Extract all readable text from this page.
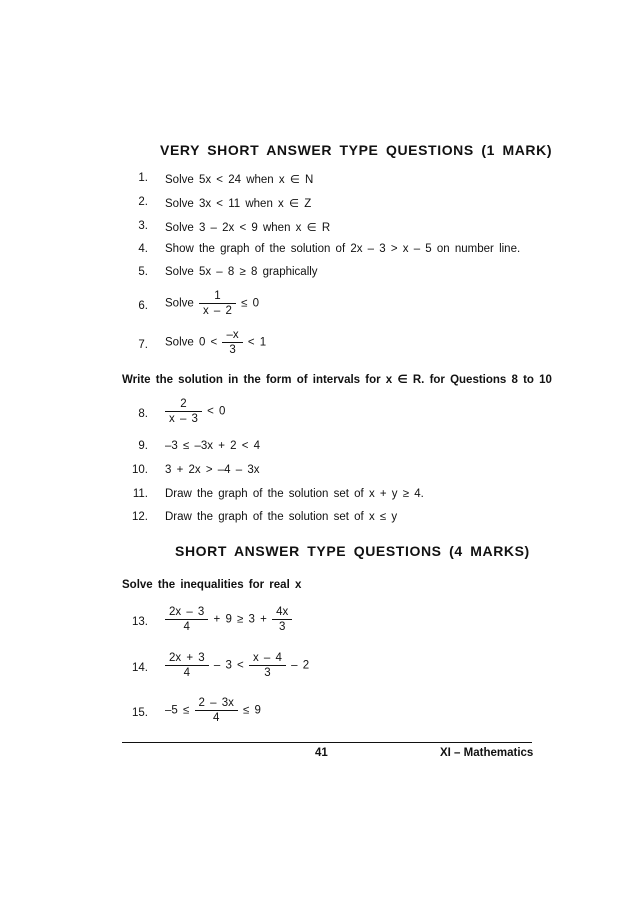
VERY SHORT ANSWER TYPE QUESTIONS (1 MARK)
1. Solve 5x < 24 when x ∈ N
2. Solve 3x < 11 when x ∈ Z
3. Solve 3 – 2x < 9 when x ∈ R
4. Show the graph of the solution of 2x – 3 > x – 5 on number line.
5. Solve 5x – 8 ≥ 8 graphically
6. Solve $\frac{1}{x - 2} \le 0$
7. Solve $0 < \frac{-x}{3} < 1$
Write the solution in the form of intervals for x ∈ R. for Questions 8 to 10
8. $\frac{2}{x - 3} < 0$
9. –3 ≤ –3x + 2 < 4
10. 3 + 2x > –4 – 3x
11. Draw the graph of the solution set of x + y ≥ 4.
12. Draw the graph of the solution set of x ≤ y
SHORT ANSWER TYPE QUESTIONS (4 MARKS)
Solve the inequalities for real x
13. $\frac{2x - 3}{4} + 9 \ge 3 + \frac{4x}{3}$
14. $\frac{2x + 3}{4} - 3 < \frac{x - 4}{3} - 2$
15. $-5 \le \frac{2 - 3x}{4} \le 9$
41	XI – Mathematics
